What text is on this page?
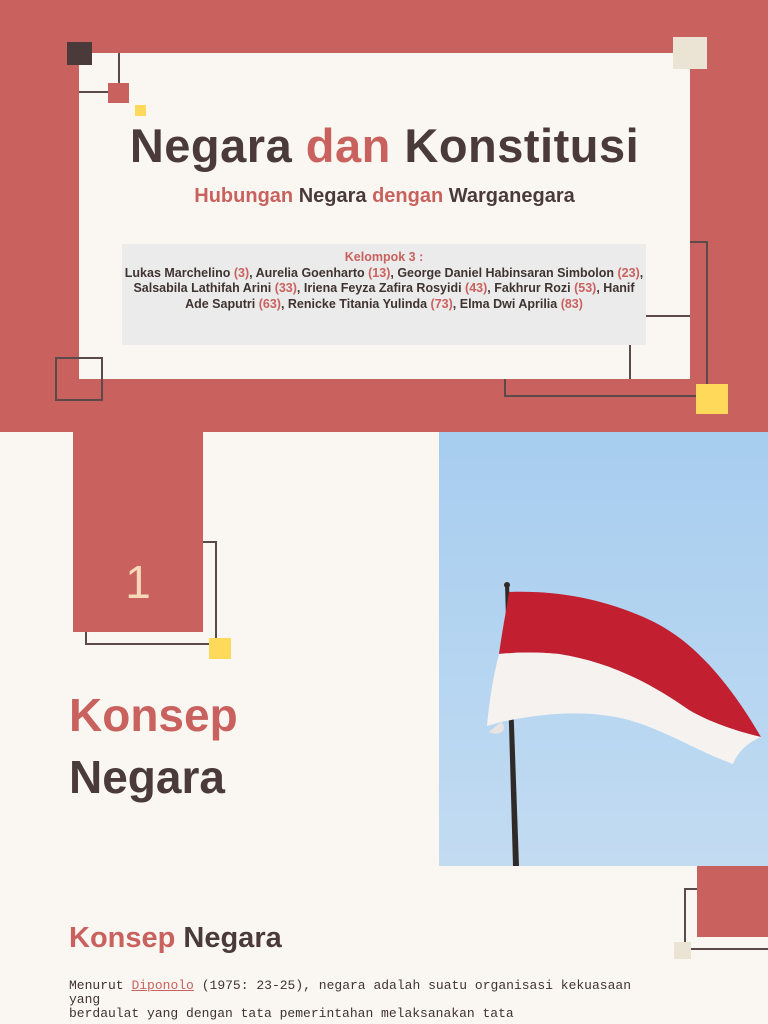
Negara dan Konstitusi
Hubungan Negara dengan Warganegara
Kelompok 3 :
Lukas Marchelino (3), Aurelia Goenharto (13), George Daniel Habinsaran Simbolon (23), Salsabila Lathifah Arini (33), Iriena Feyza Zafira Rosyidi (43), Fakhrur Rozi (53), Hanif Ade Saputri (63), Renicke Titania Yulinda (73), Elma Dwi Aprilia (83)
1
Konsep
Negara
Konsep Negara
Menurut Diponolo (1975: 23-25), negara adalah suatu organisasi kekuasaan yang
berdaulat yang dengan tata pemerintahan melaksanakan tata
